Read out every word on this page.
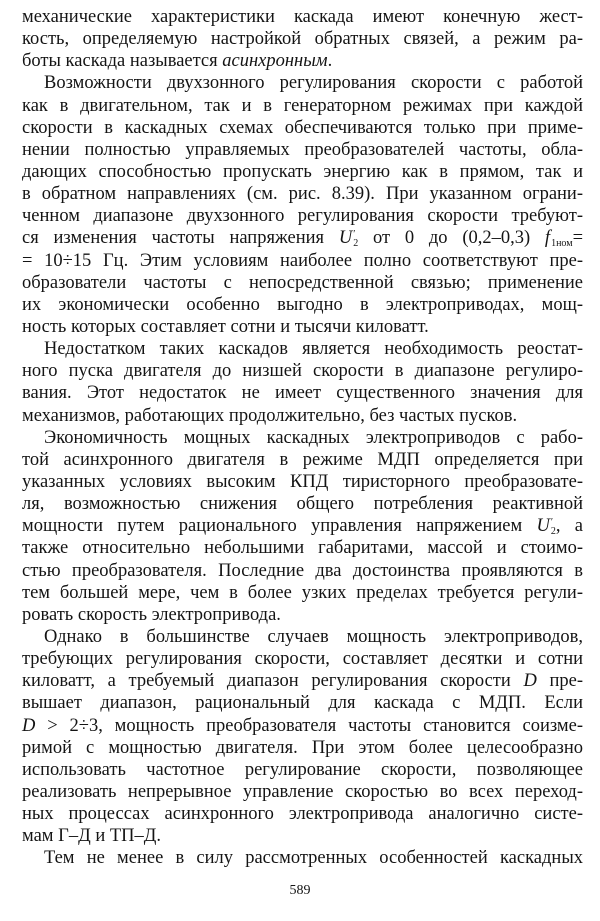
механические характеристики каскада имеют конечную жест-
кость, определяемую настройкой обратных связей, а режим ра-
боты каскада называется асинхронным.
Возможности двухзонного регулирования скорости с работой
как в двигательном, так и в генераторном режимах при каждой
скорости в каскадных схемах обеспечиваются только при приме-
нении полностью управляемых преобразователей частоты, обла-
дающих способностью пропускать энергию как в прямом, так и
в обратном направлениях (см. рис. 8.39). При указанном ограни-
ченном диапазоне двухзонного регулирования скорости требуют-
ся изменения частоты напряжения U ′
2 от 0 до (0,2–0,3) f 1ном =
= 10÷15 Гц. Этим условиям наиболее полно соответствуют пре-
образователи частоты с непосредственной связью; применение
их экономически особенно выгодно в электроприводах, мощ-
ность которых составляет сотни и тысячи киловатт.
Недостатком таких каскадов является необходимость реостат-
ного пуска двигателя до низшей скорости в диапазоне регулиро-
вания. Этот недостаток не имеет существенного значения для
механизмов, работающих продолжительно, без частых пусков.
Экономичность мощных каскадных электроприводов с рабо-
той асинхронного двигателя в режиме МДП определяется при
указанных условиях высоким КПД тиристорного преобразовате-
ля, возможностью снижения общего потребления реактивной
мощности путем рационального управления напряжением U ′
2 , а
также относительно небольшими габаритами, массой и стоимо-
стью преобразователя. Последние два достоинства проявляются в
тем большей мере, чем в более узких пределах требуется регули-
ровать скорость электропривода.
Однако в большинстве случаев мощность электроприводов,
требующих регулирования скорости, составляет десятки и сотни
киловатт, а требуемый диапазон регулирования скорости D пре-
вышает диапазон, рациональный для каскада с МДП. Если
D > 2÷3, мощность преобразователя частоты становится соизме-
римой с мощностью двигателя. При этом более целесообразно
использовать частотное регулирование скорости, позволяющее
реализовать непрерывное управление скоростью во всех переход-
ных процессах асинхронного электропривода аналогично систе-
мам Г–Д и ТП–Д.
Тем не менее в силу рассмотренных особенностей каскадных
589
